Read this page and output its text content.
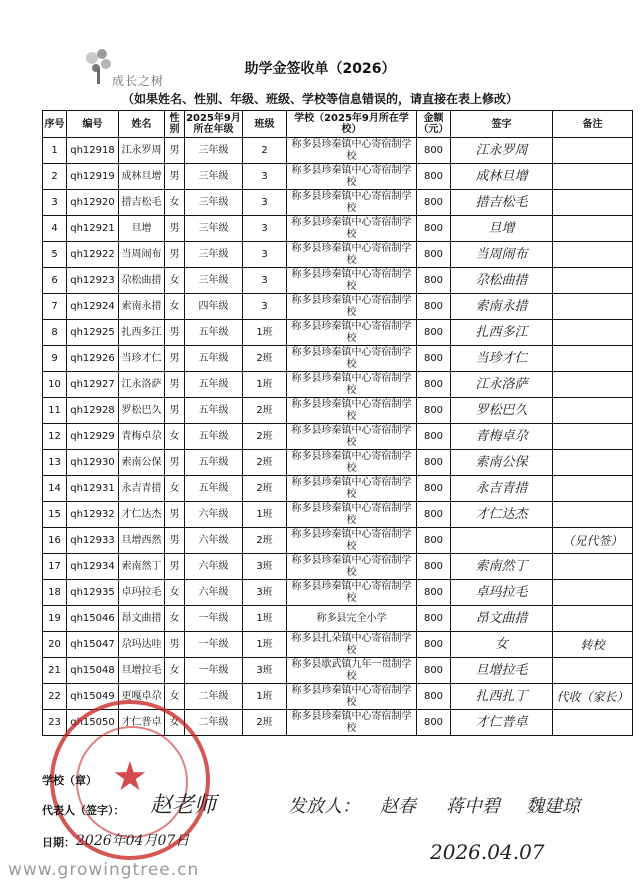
成长之树
助学金签收单（2026）
（如果姓名、性别、年级、班级、学校等信息错误的，请直接在表上修改）
序号	编号	姓名	性别	2025年9月所在年级	班级	学校（2025年9月所在学校）	金额（元）	签字	备注
1	qh12918	江永罗周	男	三年级	2	称多县珍秦镇中心寄宿制学校	800	江永罗周	
2	qh12919	成林旦增	男	三年级	3	称多县珍秦镇中心寄宿制学校	800	成林旦增	
3	qh12920	措吉松毛	女	三年级	3	称多县珍秦镇中心寄宿制学校	800	措吉松毛	
4	qh12921	旦增	男	三年级	3	称多县珍秦镇中心寄宿制学校	800	旦增	
5	qh12922	当周闹布	男	三年级	3	称多县珍秦镇中心寄宿制学校	800	当周闹布	
6	qh12923	尕松曲措	女	三年级	3	称多县珍秦镇中心寄宿制学校	800	尕松曲措	
7	qh12924	索南永措	女	四年级	3	称多县珍秦镇中心寄宿制学校	800	索南永措	
8	qh12925	扎西多江	男	五年级	1班	称多县珍秦镇中心寄宿制学校	800	扎西多江	
9	qh12926	当珍才仁	男	五年级	2班	称多县珍秦镇中心寄宿制学校	800	当珍才仁	
10	qh12927	江永洛萨	男	五年级	1班	称多县珍秦镇中心寄宿制学校	800	江永洛萨	
11	qh12928	罗松巴久	男	五年级	2班	称多县珍秦镇中心寄宿制学校	800	罗松巴久	
12	qh12929	青梅卓尕	女	五年级	2班	称多县珍秦镇中心寄宿制学校	800	青梅卓尕	
13	qh12930	索南公保	男	五年级	2班	称多县珍秦镇中心寄宿制学校	800	索南公保	
14	qh12931	永吉青措	女	五年级	2班	称多县珍秦镇中心寄宿制学校	800	永吉青措	
15	qh12932	才仁达杰	男	六年级	1班	称多县珍秦镇中心寄宿制学校	800	才仁达杰	
16	qh12933	旦增西然	男	六年级	2班	称多县珍秦镇中心寄宿制学校	800		（兄代签）
17	qh12934	索南然丁	男	六年级	3班	称多县珍秦镇中心寄宿制学校	800	索南然丁	
18	qh12935	卓玛拉毛	女	六年级	3班	称多县珍秦镇中心寄宿制学校	800	卓玛拉毛	
19	qh15046	昂文曲措	女	一年级	1班	称多县完全小学	800	昂文曲措	
20	qh15047	尕玛达哇	男	一年级	1班	称多县扎朵镇中心寄宿制学校	800	女	转校
21	qh15048	旦增拉毛	女	一年级	3班	称多县歇武镇九年一贯制学校	800	旦增拉毛	
22	qh15049	更嘎卓尕	女	二年级	1班	称多县珍秦镇中心寄宿制学校	800	扎西扎丁	代收（家长）
23	qh15050	才仁普卓	女	二年级	2班	称多县珍秦镇中心寄宿制学校	800	才仁普卓	
★
学校（章）
代表人（签字）：
日期： 2026年04月07日
赵老师	发放人： 赵春 蒋中碧 魏建琼
2026.04.07
www.growingtree.cn
